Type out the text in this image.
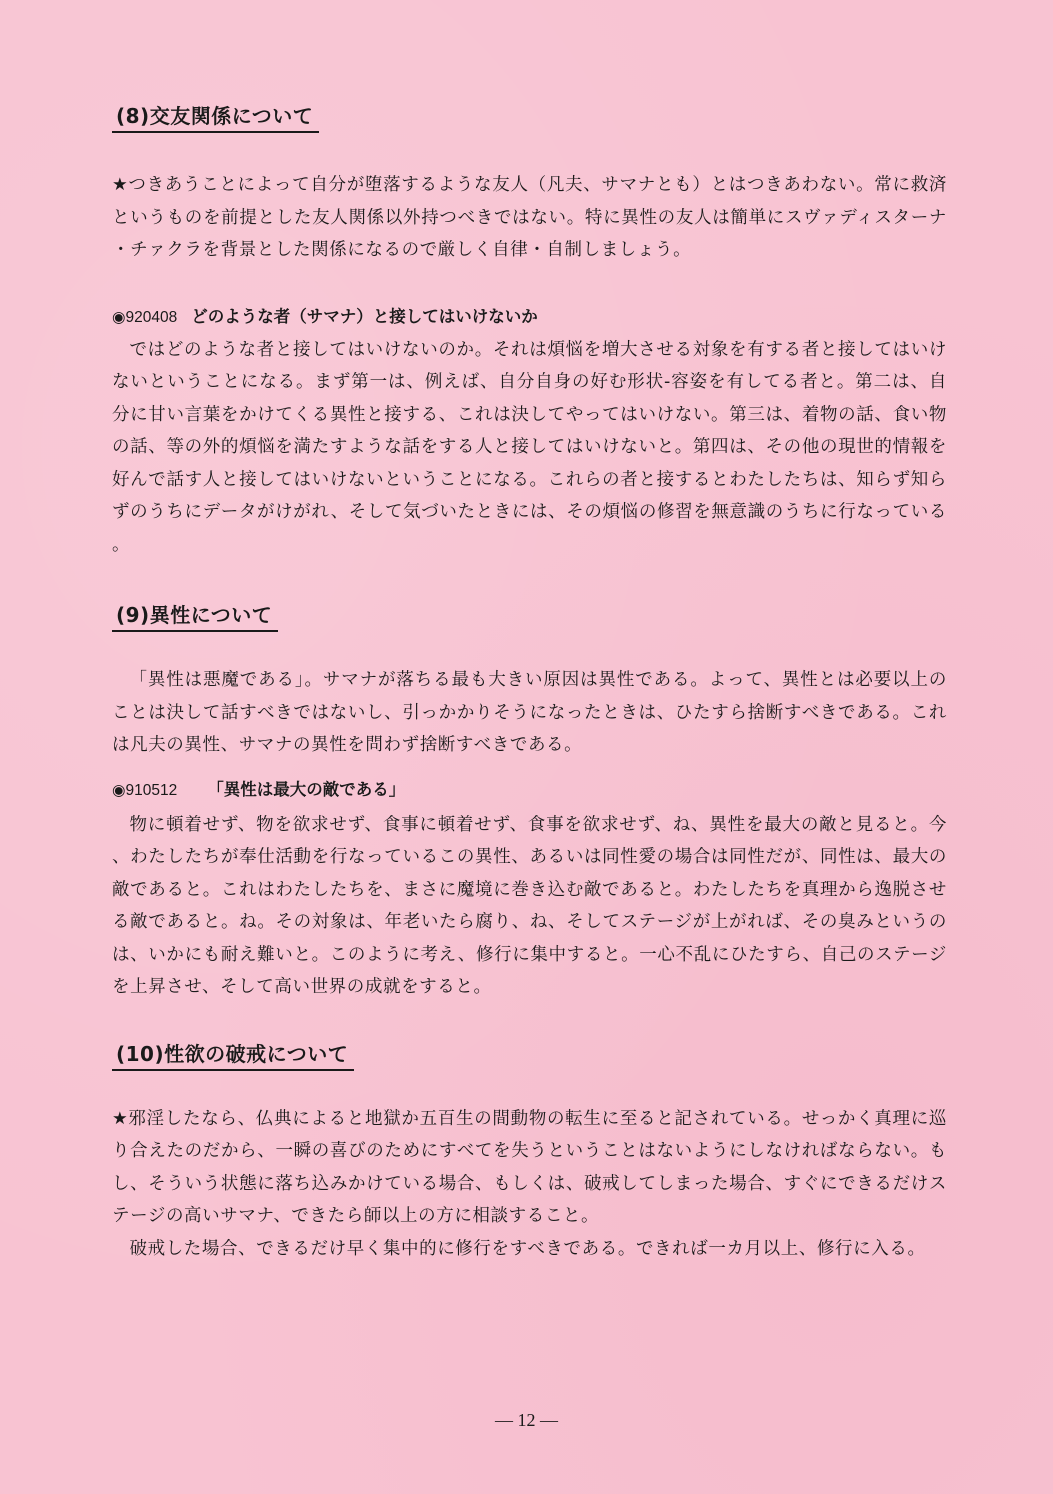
(8)交友関係について

★つきあうことによって自分が堕落するような友人（凡夫、サマナとも）とはつきあわない。常に救済というものを前提とした友人関係以外持つべきではない。特に異性の友人は簡単にスヴァディスターナ・チァクラを背景とした関係になるので厳しく自律・自制しましょう。

◉920408 どのような者（サマナ）と接してはいけないか

ではどのような者と接してはいけないのか。それは煩悩を増大させる対象を有する者と接してはいけないということになる。まず第一は、例えば、自分自身の好む形状-容姿を有してる者と。第二は、自分に甘い言葉をかけてくる異性と接する、これは決してやってはいけない。第三は、着物の話、食い物の話、等の外的煩悩を満たすような話をする人と接してはいけないと。第四は、その他の現世的情報を好んで話す人と接してはいけないということになる。これらの者と接するとわたしたちは、知らず知らずのうちにデータがけがれ、そして気づいたときには、その煩悩の修習を無意識のうちに行なっている。

(9)異性について

「異性は悪魔である」。サマナが落ちる最も大きい原因は異性である。よって、異性とは必要以上のことは決して話すべきではないし、引っかかりそうになったときは、ひたすら捨断すべきである。これは凡夫の異性、サマナの異性を問わず捨断すべきである。

◉910512 「異性は最大の敵である」

物に頓着せず、物を欲求せず、食事に頓着せず、食事を欲求せず、ね、異性を最大の敵と見ると。今、わたしたちが奉仕活動を行なっているこの異性、あるいは同性愛の場合は同性だが、同性は、最大の敵であると。これはわたしたちを、まさに魔境に巻き込む敵であると。わたしたちを真理から逸脱させる敵であると。ね。その対象は、年老いたら腐り、ね、そしてステージが上がれば、その臭みというのは、いかにも耐え難いと。このように考え、修行に集中すると。一心不乱にひたすら、自己のステージを上昇させ、そして高い世界の成就をすると。

(10)性欲の破戒について

★邪淫したなら、仏典によると地獄か五百生の間動物の転生に至ると記されている。せっかく真理に巡り合えたのだから、一瞬の喜びのためにすべてを失うということはないようにしなければならない。もし、そういう状態に落ち込みかけている場合、もしくは、破戒してしまった場合、すぐにできるだけステージの高いサマナ、できたら師以上の方に相談すること。

破戒した場合、できるだけ早く集中的に修行をすべきである。できれば一カ月以上、修行に入る。

― 12 ―
